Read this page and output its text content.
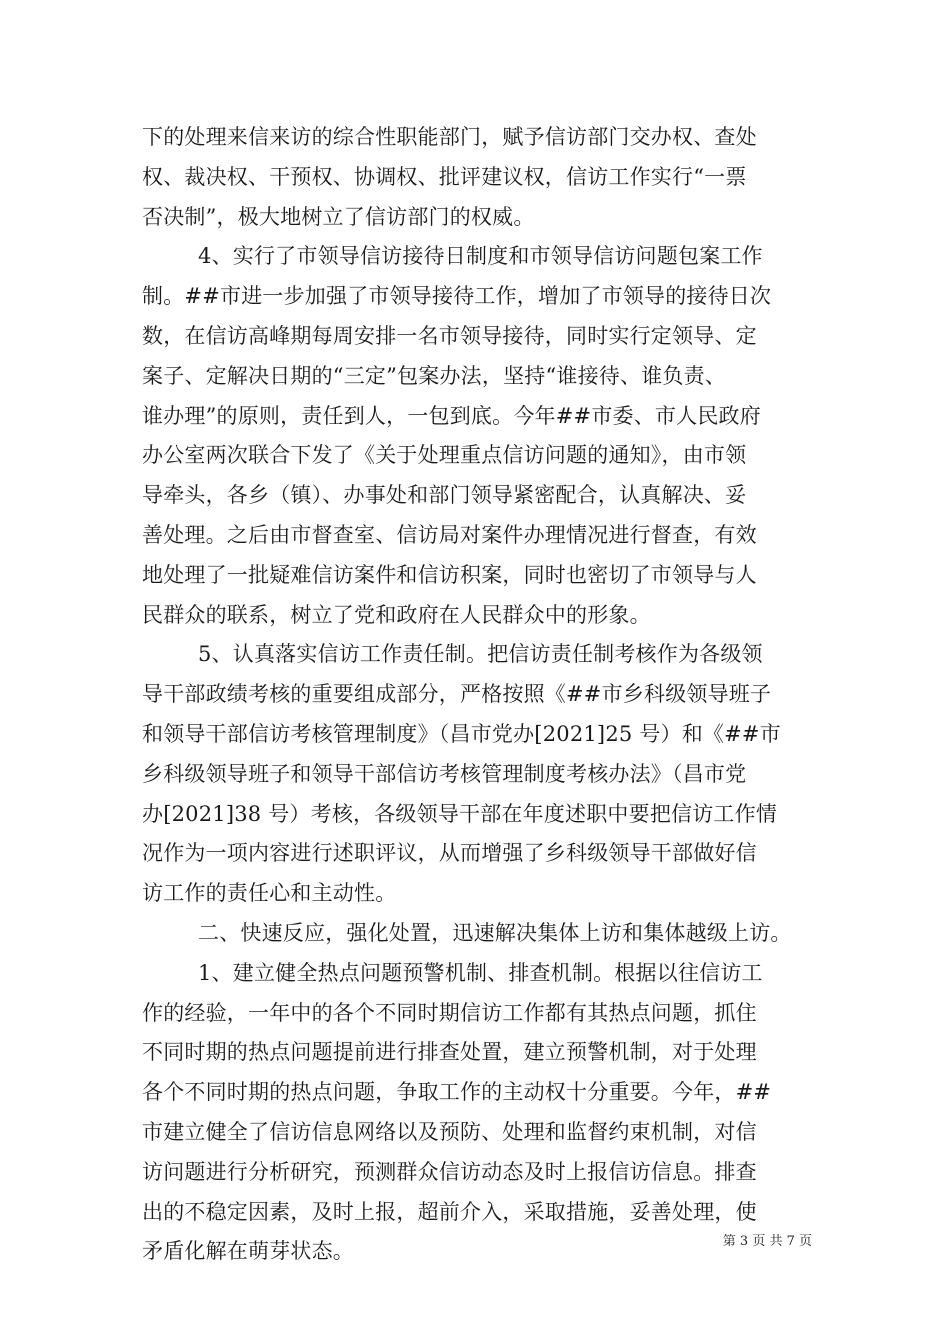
下的处理来信来访的综合性职能部门，赋予信访部门交办权、查处
权、裁决权、干预权、协调权、批评建议权，信访工作实行“一票
否决制”，极大地树立了信访部门的权威。
4、实行了市领导信访接待日制度和市领导信访问题包案工作
制。##市进一步加强了市领导接待工作，增加了市领导的接待日次
数，在信访高峰期每周安排一名市领导接待，同时实行定领导、定
案子、定解决日期的“三定”包案办法，坚持“谁接待、谁负责、
谁办理”的原则，责任到人，一包到底。今年##市委、市人民政府
办公室两次联合下发了《关于处理重点信访问题的通知》，由市领
导牵头，各乡（镇）、办事处和部门领导紧密配合，认真解决、妥
善处理。之后由市督查室、信访局对案件办理情况进行督查，有效
地处理了一批疑难信访案件和信访积案，同时也密切了市领导与人
民群众的联系，树立了党和政府在人民群众中的形象。
5、认真落实信访工作责任制。把信访责任制考核作为各级领
导干部政绩考核的重要组成部分，严格按照《##市乡科级领导班子
和领导干部信访考核管理制度》（昌市党办[2021]25 号）和《##市
乡科级领导班子和领导干部信访考核管理制度考核办法》（昌市党
办[2021]38 号）考核，各级领导干部在年度述职中要把信访工作情
况作为一项内容进行述职评议，从而增强了乡科级领导干部做好信
访工作的责任心和主动性。
二、快速反应，强化处置，迅速解决集体上访和集体越级上访。
1、建立健全热点问题预警机制、排查机制。根据以往信访工
作的经验，一年中的各个不同时期信访工作都有其热点问题，抓住
不同时期的热点问题提前进行排查处置，建立预警机制，对于处理
各个不同时期的热点问题，争取工作的主动权十分重要。今年，##
市建立健全了信访信息网络以及预防、处理和监督约束机制，对信
访问题进行分析研究，预测群众信访动态及时上报信访信息。排查
出的不稳定因素，及时上报，超前介入，采取措施，妥善处理，使
矛盾化解在萌芽状态。	第 3 页 共 7 页
